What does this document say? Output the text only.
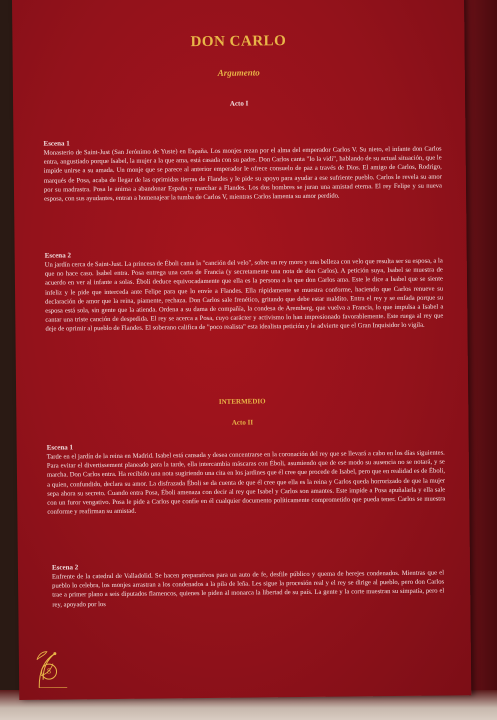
DON CARLO
Argumento
Acto I
Escena 1
Monasterio de Saint-Just (San Jerónimo de Yuste) en España. Los monjes rezan por el alma del emperador Carlos V. Su nieto, el infante don Carlos entra, angustiado porque Isabel, la mujer a la que ama, está casada con su padre. Don Carlos canta "Io la vidi", hablando de su actual situación, que le impide unirse a su amada. Un monje que se parece al anterior emperador le ofrece consuelo de paz a través de Dios. El amigo de Carlos, Rodrigo, marqués de Posa, acaba de llegar de las oprimidas tierras de Flandes y le pide su apoyo para ayudar a ese sufriente pueblo. Carlos le revela su amor por su madrastra. Posa le anima a abandonar España y marchar a Flandes. Los dos hombres se juran una amistad eterna. El rey Felipe y su nueva esposa, con sus ayudantes, entran a homenajear la tumba de Carlos V, mientras Carlos lamenta su amor perdido.
Escena 2
Un jardín cerca de Saint-Just. La princesa de Éboli canta la "canción del velo", sobre un rey moro y una belleza con velo que resulta ser su esposa, a la que no hace caso. Isabel entra. Posa entrega una carta de Francia (y secretamente una nota de don Carlos). A petición suya, Isabel se muestra de acuerdo en ver al infante a solas. Éboli deduce equivocadamente que ella es la persona a la que don Carlos ama. Este le dice a Isabel que se siente infeliz y le pide que interceda ante Felipe para que lo envíe a Flandes. Ella rápidamente se muestra conforme, haciendo que Carlos renueve su declaración de amor que la reina, piamente, rechaza. Don Carlos sale frenético, gritando que debe estar maldito. Entra el rey y se enfada porque su esposa está sola, sin gente que la atienda. Ordena a su dama de compañía, la condesa de Aremberg, que vuelva a Francia, lo que impulsa a Isabel a cantar una triste canción de despedida. El rey se acerca a Posa, cuyo carácter y activismo lo han impresionado favorablemente. Este ruega al rey que deje de oprimir al pueblo de Flandes. El soberano califica de "poco realista" esta idealista petición y le advierte que el Gran Inquisidor lo vigila.
INTERMEDIO
Acto II
Escena 1
Tarde en el jardín de la reina en Madrid. Isabel está cansada y desea concentrarse en la coronación del rey que se llevará a cabo en los días siguientes. Para evitar el divertissement planeado para la tarde, ella intercambia máscaras con Éboli, asumiendo que de ese modo su ausencia no se notará, y se marcha. Don Carlos entra. Ha recibido una nota sugiriendo una cita en los jardines que él cree que procede de Isabel, pero que en realidad es de Éboli, a quien, confundido, declara su amor. La disfrazada Éboli se da cuenta de que él cree que ella es la reina y Carlos queda horrorizado de que la mujer sepa ahora su secreto. Cuando entra Posa, Éboli amenaza con decir al rey que Isabel y Carlos son amantes. Este impide a Posa apuñalarla y ella sale con un furor vengativo. Posa le pide a Carlos que confíe en él cualquier documento políticamente comprometido que pueda tener. Carlos se muestra conforme y reafirman su amistad.
Escena 2
Enfrente de la catedral de Valladolid. Se hacen preparativos para un auto de fe, desfile público y quema de herejes condenados. Mientras que el pueblo lo celebra, los monjes arrastran a los condenados a la pila de leña. Les sigue la procesión real y el rey se dirige al pueblo, pero don Carlos trae a primer plano a seis diputados flamencos, quienes le piden al monarca la libertad de su país. La gente y la corte muestran su simpatía, pero el rey, apoyado por los
8
